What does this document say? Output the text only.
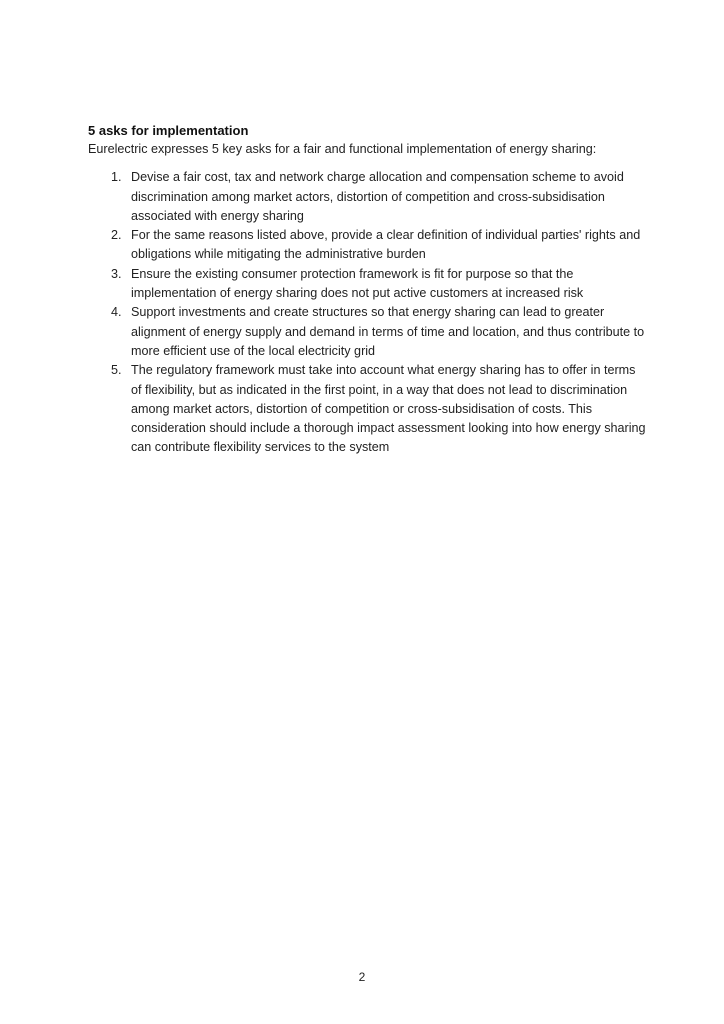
5 asks for implementation

Eurelectric expresses 5 key asks for a fair and functional implementation of energy sharing:

1. Devise a fair cost, tax and network charge allocation and compensation scheme to avoid discrimination among market actors, distortion of competition and cross-subsidisation associated with energy sharing
2. For the same reasons listed above, provide a clear definition of individual parties' rights and obligations while mitigating the administrative burden
3. Ensure the existing consumer protection framework is fit for purpose so that the implementation of energy sharing does not put active customers at increased risk
4. Support investments and create structures so that energy sharing can lead to greater alignment of energy supply and demand in terms of time and location, and thus contribute to more efficient use of the local electricity grid
5. The regulatory framework must take into account what energy sharing has to offer in terms of flexibility, but as indicated in the first point, in a way that does not lead to discrimination among market actors, distortion of competition or cross-subsidisation of costs. This consideration should include a thorough impact assessment looking into how energy sharing can contribute flexibility services to the system
2
